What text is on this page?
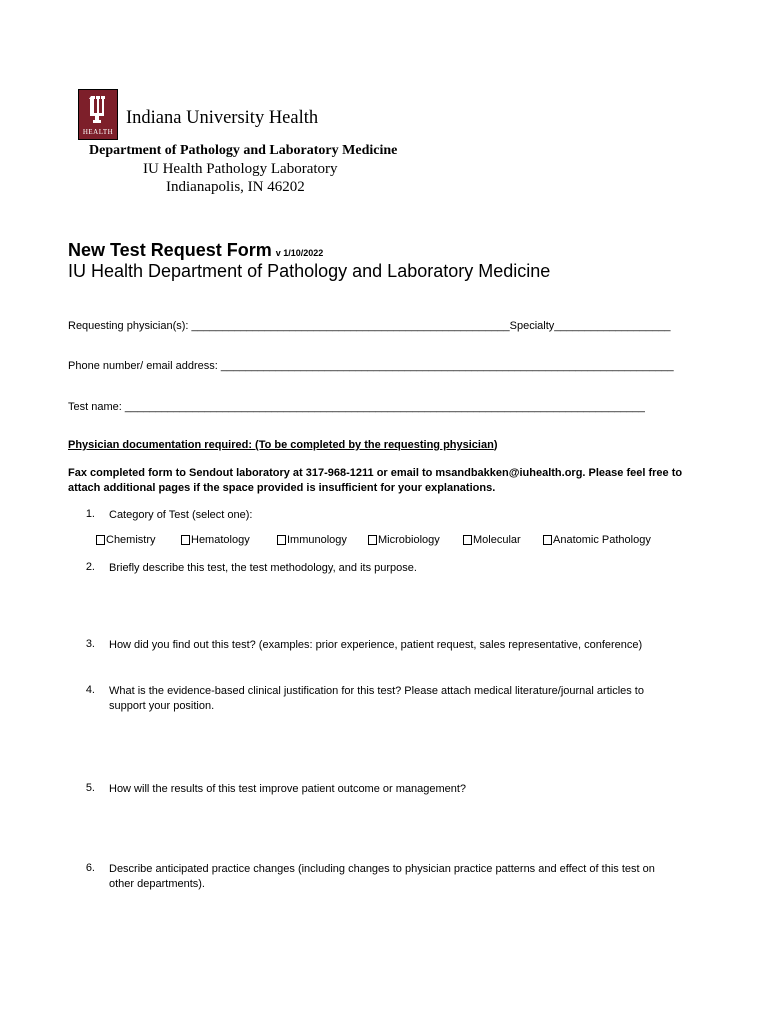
HEALTH
Indiana University Health
Department of Pathology and Laboratory Medicine
IU Health Pathology Laboratory
Indianapolis, IN 46202
New Test Request Form v 1/10/2022
IU Health Department of Pathology and Laboratory Medicine
Requesting physician(s): ____________________________________________________Specialty___________________
Phone number/ email address: __________________________________________________________________________
Test name: _____________________________________________________________________________________
Physician documentation required: (To be completed by the requesting physician)
Fax completed form to Sendout laboratory at 317-968-1211 or email to msandbakken@iuhealth.org. Please feel free to attach additional pages if the space provided is insufficient for your explanations.
1. Category of Test (select one):
Chemistry	Hematology	Immunology	Microbiology	Molecular	Anatomic Pathology
2. Briefly describe this test, the test methodology, and its purpose.
3. How did you find out this test? (examples: prior experience, patient request, sales representative, conference)
4. What is the evidence-based clinical justification for this test? Please attach medical literature/journal articles to support your position.
5. How will the results of this test improve patient outcome or management?
6. Describe anticipated practice changes (including changes to physician practice patterns and effect of this test on other departments).
